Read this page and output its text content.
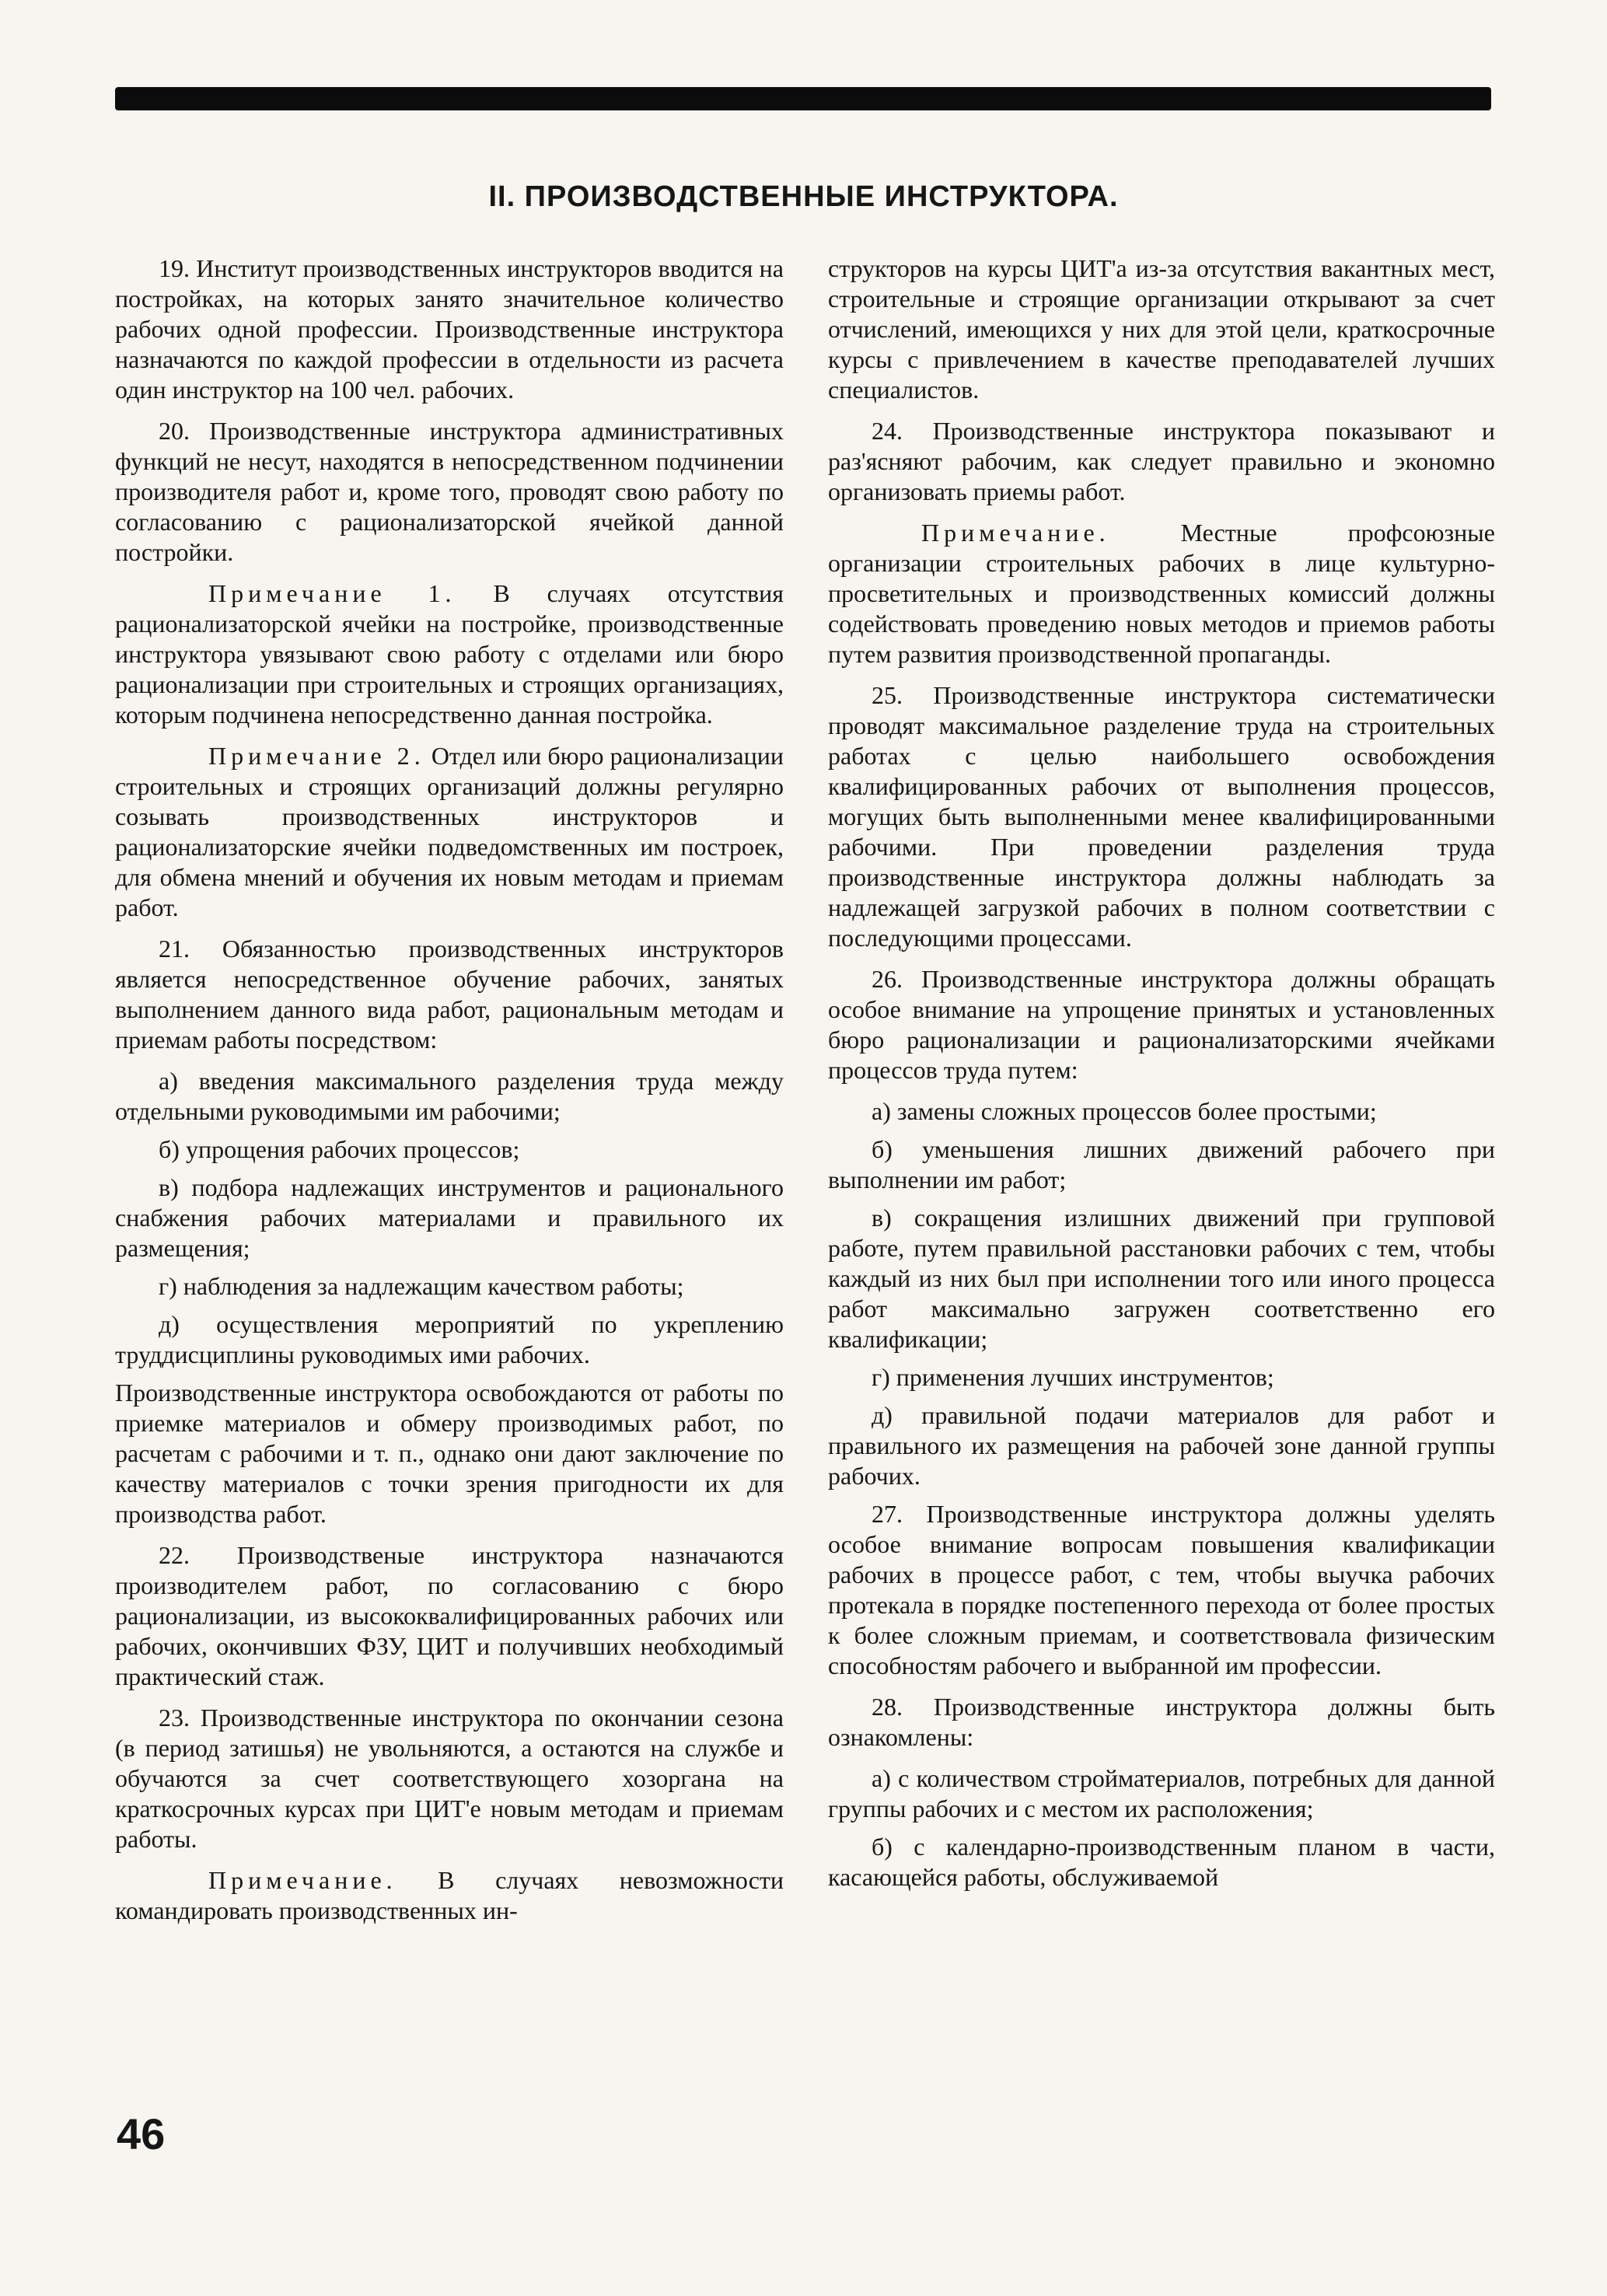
II. ПРОИЗВОДСТВЕННЫЕ ИНСТРУКТОРА.

19. Институт производственных инструкторов вводится на постройках, на которых занято значительное количество рабочих одной профессии. Производственные инструктора назначаются по каждой профессии в отдельности из расчета один инструктор на 100 чел. рабочих.

20. Производственные инструктора административных функций не несут, находятся в непосредственном подчинении производителя работ и, кроме того, проводят свою работу по согласованию с рационализаторской ячейкой данной постройки.

Примечание 1. В случаях отсутствия рационализаторской ячейки на постройке, производственные инструктора увязывают свою работу с отделами или бюро рационализации при строительных и строящих организациях, которым подчинена непосредственно данная постройка.

Примечание 2. Отдел или бюро рационализации строительных и строящих организаций должны регулярно созывать производственных инструкторов и рационализаторские ячейки подведомственных им построек, для обмена мнений и обучения их новым методам и приемам работ.

21. Обязанностью производственных инструкторов является непосредственное обучение рабочих, занятых выполнением данного вида работ, рациональным методам и приемам работы посредством:

а) введения максимального разделения труда между отдельными руководимыми им рабочими;

б) упрощения рабочих процессов;

в) подбора надлежащих инструментов и рационального снабжения рабочих материалами и правильного их размещения;

г) наблюдения за надлежащим качеством работы;

д) осуществления мероприятий по укреплению труддисциплины руководимых ими рабочих.

Производственные инструктора освобождаются от работы по приемке материалов и обмеру производимых работ, по расчетам с рабочими и т. п., однако они дают заключение по качеству материалов с точки зрения пригодности их для производства работ.

22. Производственые инструктора назначаются производителем работ, по согласованию с бюро рационализации, из высококвалифицированных рабочих или рабочих, окончивших ФЗУ, ЦИТ и получивших необходимый практический стаж.

23. Производственные инструктора по окончании сезона (в период затишья) не увольняются, а остаются на службе и обучаются за счет соответствующего хозоргана на краткосрочных курсах при ЦИТ'е новым методам и приемам работы.

Примечание. В случаях невозможности командировать производственных ин-

структоров на курсы ЦИТ'а из-за отсутствия вакантных мест, строительные и строящие организации открывают за счет отчислений, имеющихся у них для этой цели, краткосрочные курсы с привлечением в качестве преподавателей лучших специалистов.

24. Производственные инструктора показывают и раз'ясняют рабочим, как следует правильно и экономно организовать приемы работ.

Примечание. Местные профсоюзные организации строительных рабочих в лице культурно-просветительных и производственных комиссий должны содействовать проведению новых методов и приемов работы путем развития производственной пропаганды.

25. Производственные инструктора систематически проводят максимальное разделение труда на строительных работах с целью наибольшего освобождения квалифицированных рабочих от выполнения процессов, могущих быть выполненными менее квалифицированными рабочими. При проведении разделения труда производственные инструктора должны наблюдать за надлежащей загрузкой рабочих в полном соответствии с последующими процессами.

26. Производственные инструктора должны обращать особое внимание на упрощение принятых и установленных бюро рационализации и рационализаторскими ячейками процессов труда путем:

а) замены сложных процессов более простыми;

б) уменьшения лишних движений рабочего при выполнении им работ;

в) сокращения излишних движений при групповой работе, путем правильной расстановки рабочих с тем, чтобы каждый из них был при исполнении того или иного процесса работ максимально загружен соответственно его квалификации;

г) применения лучших инструментов;

д) правильной подачи материалов для работ и правильного их размещения на рабочей зоне данной группы рабочих.

27. Производственные инструктора должны уделять особое внимание вопросам повышения квалификации рабочих в процессе работ, с тем, чтобы выучка рабочих протекала в порядке постепенного перехода от более простых к более сложным приемам, и соответствовала физическим способностям рабочего и выбранной им профессии.

28. Производственные инструктора должны быть ознакомлены:

а) с количеством стройматериалов, потребных для данной группы рабочих и с местом их расположения;

б) с календарно-производственным планом в части, касающейся работы, обслуживаемой

46
